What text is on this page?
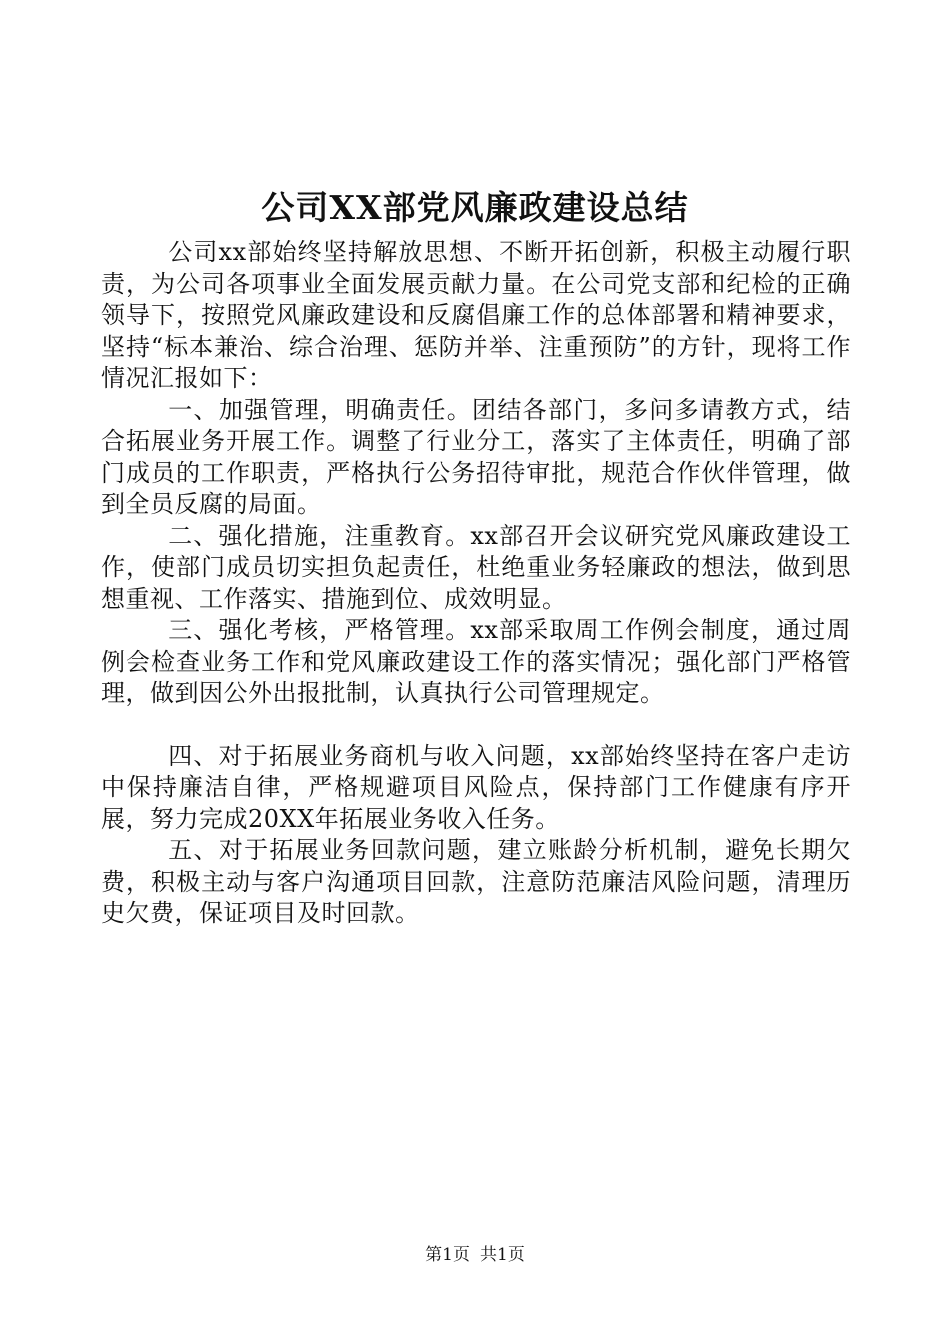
公司XX部党风廉政建设总结

公司xx部始终坚持解放思想、不断开拓创新，积极主动履行职责，为公司各项事业全面发展贡献力量。在公司党支部和纪检的正确领导下，按照党风廉政建设和反腐倡廉工作的总体部署和精神要求，坚持“标本兼治、综合治理、惩防并举、注重预防”的方针，现将工作情况汇报如下：

一、加强管理，明确责任。团结各部门，多问多请教方式，结合拓展业务开展工作。调整了行业分工，落实了主体责任，明确了部门成员的工作职责，严格执行公务招待审批，规范合作伙伴管理，做到全员反腐的局面。

二、强化措施，注重教育。xx部召开会议研究党风廉政建设工作，使部门成员切实担负起责任，杜绝重业务轻廉政的想法，做到思想重视、工作落实、措施到位、成效明显。

三、强化考核，严格管理。xx部采取周工作例会制度，通过周例会检查业务工作和党风廉政建设工作的落实情况；强化部门严格管理，做到因公外出报批制，认真执行公司管理规定。

四、对于拓展业务商机与收入问题，xx部始终坚持在客户走访中保持廉洁自律，严格规避项目风险点，保持部门工作健康有序开展，努力完成20XX年拓展业务收入任务。

五、对于拓展业务回款问题，建立账龄分析机制，避免长期欠费，积极主动与客户沟通项目回款，注意防范廉洁风险问题，清理历史欠费，保证项目及时回款。

第1页 共1页
